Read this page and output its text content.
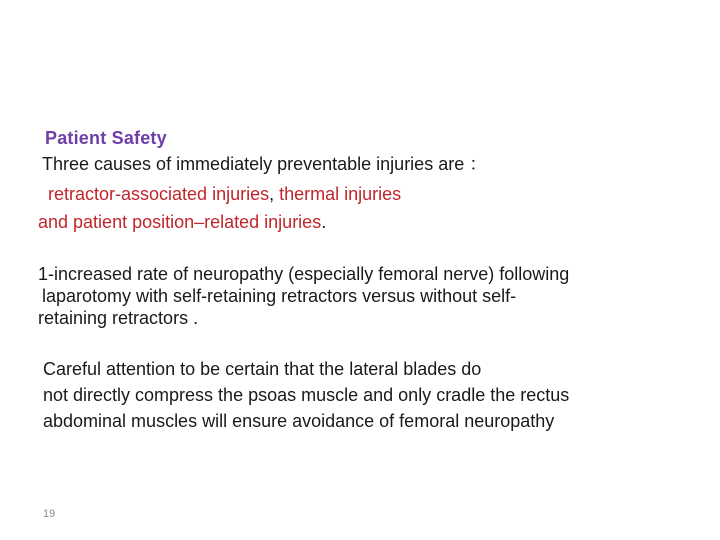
Patient Safety
Three causes of immediately preventable injuries are ：
retractor-associated injuries, thermal injuries
and patient position–related injuries.
1-increased rate of neuropathy (especially femoral nerve) following
laparotomy with self-retaining retractors versus without self-
retaining retractors .
Careful attention to be certain that the lateral blades do
not directly compress the psoas muscle and only cradle the rectus
abdominal muscles will ensure avoidance of femoral neuropathy
19
